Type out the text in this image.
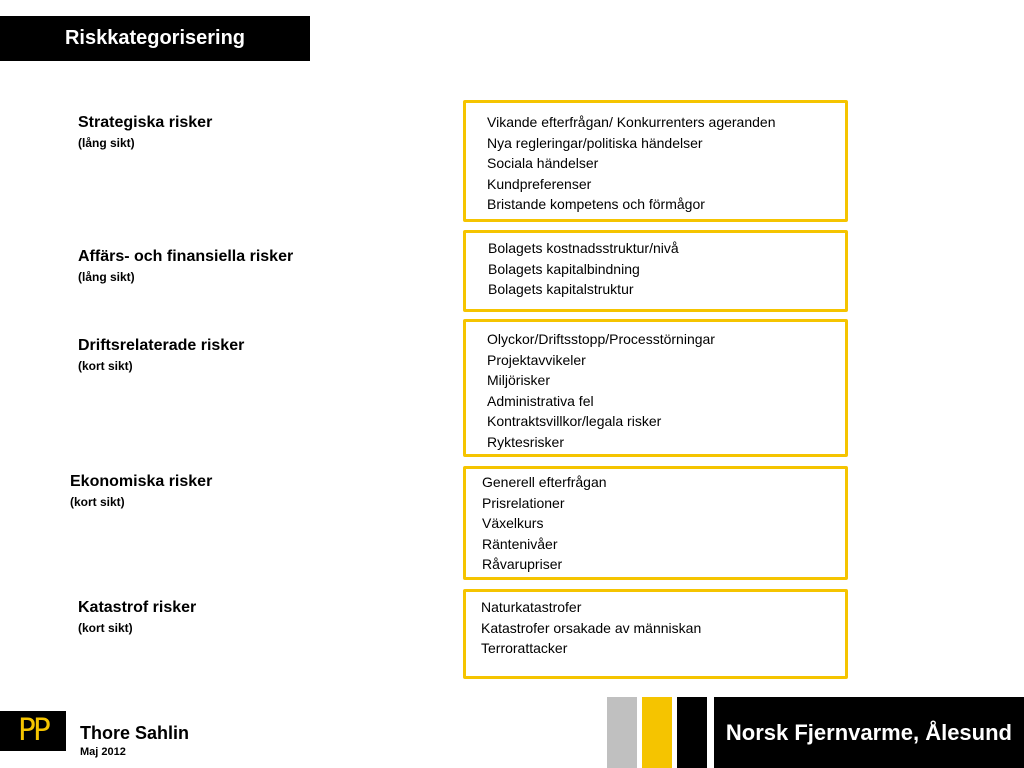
Riskkategorisering
Strategiska risker
(lång sikt)
Affärs- och finansiella risker
(lång sikt)
Driftsrelaterade risker
(kort sikt)
Ekonomiska risker
(kort sikt)
Katastrof risker
(kort sikt)
Vikande efterfrågan/ Konkurrenters ageranden
Nya regleringar/politiska händelser
Sociala händelser
Kundpreferenser
Bristande kompetens och förmågor
Bolagets kostnadsstruktur/nivå
Bolagets kapitalbindning
Bolagets kapitalstruktur
Olyckor/Driftsstopp/Processtörningar
Projektavvikeler
Miljörisker
Administrativa fel
Kontraktsvillkor/legala risker
Ryktesrisker
Generell efterfrågan
Prisrelationer
Växelkurs
Räntenivåer
Råvarupriser
Naturkatastrofer
Katastrofer orsakade av människan
Terrorattacker
PP Thore Sahlin
Maj 2012
Norsk Fjernvarme, Ålesund
